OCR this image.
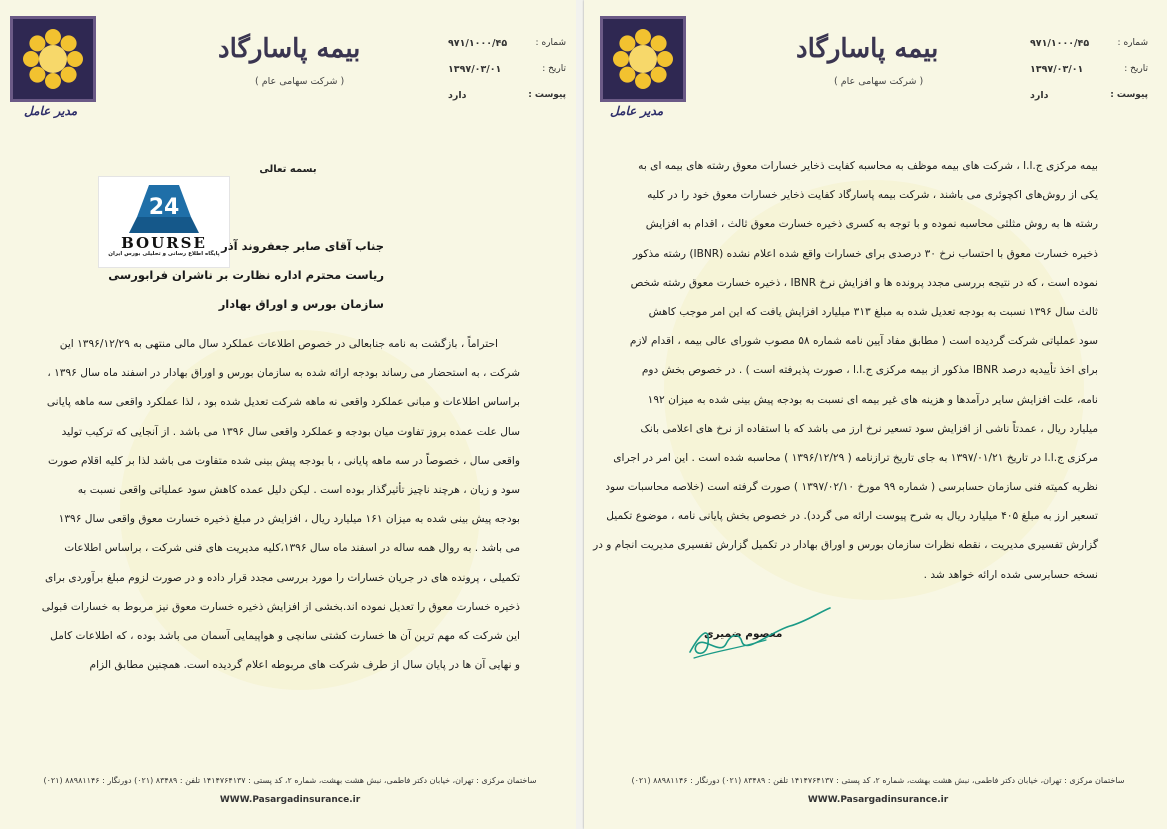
مدیر عامل
بیمه پاسارگاد
( شرکت سهامی عام )
شماره :
۹۷۱/۱۰۰۰/۴۵
تاریخ :
۱۳۹۷/۰۳/۰۱
پیوست :
دارد
بسمه تعالی
24
BOURSE
پایگاه اطلاع رسانی و تحلیلی بورس ایران
جناب آقای صابر جعفروند آذر
ریاست محترم اداره نظارت بر ناشران فرابورسی
سازمان بورس و اوراق بهادار
احتراماً ، بازگشت به نامه جنابعالی در خصوص اطلاعات عملکرد سال مالی منتهی به ۱۳۹۶/۱۲/۲۹ این
شرکت ، به استحضار می رساند بودجه ارائه شده به سازمان بورس و اوراق بهادار در اسفند ماه سال ۱۳۹۶ ،
براساس اطلاعات و مبانی عملکرد واقعی نه ماهه شرکت تعدیل شده بود ، لذا عملکرد واقعی سه ماهه پایانی
سال علت عمده بروز تفاوت میان بودجه و عملکرد واقعی سال ۱۳۹۶ می باشد . از آنجایی که ترکیب تولید
واقعی سال ، خصوصاً در سه ماهه پایانی ، با بودجه پیش بینی شده متفاوت می باشد لذا بر کلیه اقلام صورت
سود و زیان ، هرچند ناچیز تأثیرگذار بوده است . لیکن دلیل عمده کاهش سود عملیاتی واقعی نسبت به
بودجه پیش بینی شده به میزان ۱۶۱ میلیارد ریال ، افزایش در مبلغ ذخیره خسارت معوق واقعی سال ۱۳۹۶
می باشد . به روال همه ساله در اسفند ماه سال ۱۳۹۶،کلیه مدیریت های فنی شرکت ، براساس اطلاعات
تکمیلی ، پرونده های در جریان خسارات را مورد بررسی مجدد قرار داده و در صورت لزوم مبلغ برآوردی برای
ذخیره خسارت معوق را تعدیل نموده اند.بخشی از افزایش ذخیره خسارت معوق نیز مربوط به خسارات قبولی
این شرکت که مهم ترین آن ها خسارت کشتی سانچی و هواپیمایی آسمان می باشد بوده ، که اطلاعات کامل
و نهایی آن ها در پایان سال از طرف شرکت های مربوطه اعلام گردیده است. همچنین مطابق الزام
ساختمان مرکزی : تهران، خیابان دکتر فاطمی، نبش هشت بهشت، شماره ۲، کد پستی : ۱۴۱۴۷۶۴۱۳۷ تلفن : ۸۳۴۸۹ (۰۲۱) دورنگار : ۸۸۹۸۱۱۴۶ (۰۲۱)
WWW.Pasargadinsurance.ir
مدیر عامل
بیمه پاسارگاد
( شرکت سهامی عام )
شماره :
۹۷۱/۱۰۰۰/۴۵
تاریخ :
۱۳۹۷/۰۳/۰۱
پیوست :
دارد
بیمه مرکزی ج.ا.ا ، شرکت های بیمه موظف به محاسبه کفایت ذخایر خسارات معوق رشته های بیمه ای به
یکی از روش‌های اکچوئری می باشند ، شرکت بیمه پاسارگاد کفایت ذخایر خسارات معوق خود را در کلیه
رشته ها به روش مثلثی محاسبه نموده و با توجه به کسری ذخیره خسارت معوق ثالث ، اقدام به افزایش
ذخیره خسارت معوق با احتساب نرخ ۳۰ درصدی برای خسارات واقع شده اعلام نشده (IBNR) رشته مذکور
نموده است ، که در نتیجه بررسی مجدد پرونده ها و افزایش نرخ IBNR ، ذخیره خسارت معوق رشته شخص
ثالث سال ۱۳۹۶ نسبت به بودجه تعدیل شده به مبلغ ۳۱۳ میلیارد افزایش یافت که این امر موجب کاهش
سود عملیاتی شرکت گردیده است ( مطابق مفاد آیین نامه شماره ۵۸ مصوب شورای عالی بیمه ، اقدام لازم
برای اخذ تأییدیه درصد IBNR مذکور از بیمه مرکزی ج.ا.ا ، صورت پذیرفته است ) . در خصوص بخش دوم
نامه، علت افزایش سایر درآمدها و هزینه های غیر بیمه ای نسبت به بودجه پیش بینی شده به میزان ۱۹۲
میلیارد ریال ، عمدتاً ناشی از افزایش سود تسعیر نرخ ارز می باشد که با استفاده از نرخ های اعلامی بانک
مرکزی ج.ا.ا در تاریخ ۱۳۹۷/۰۱/۲۱ به جای تاریخ ترازنامه ( ۱۳۹۶/۱۲/۲۹ ) محاسبه شده است . این امر در اجرای
نظریه کمیته فنی سازمان حسابرسی ( شماره ۹۹ مورخ ۱۳۹۷/۰۲/۱۰ ) صورت گرفته است (خلاصه محاسبات سود
تسعیر ارز به مبلغ ۴۰۵ میلیارد ریال به شرح پیوست ارائه می گردد). در خصوص بخش پایانی نامه ، موضوع تکمیل
گزارش تفسیری مدیریت ، نقطه نظرات سازمان بورس و اوراق بهادار در تکمیل گزارش تفسیری مدیریت انجام و در
نسخه حسابرسی شده ارائه خواهد شد .
معصوم ضمیری
ساختمان مرکزی : تهران، خیابان دکتر فاطمی، نبش هشت بهشت، شماره ۲، کد پستی : ۱۴۱۴۷۶۴۱۳۷ تلفن : ۸۳۴۸۹ (۰۲۱) دورنگار : ۸۸۹۸۱۱۴۶ (۰۲۱)
WWW.Pasargadinsurance.ir
